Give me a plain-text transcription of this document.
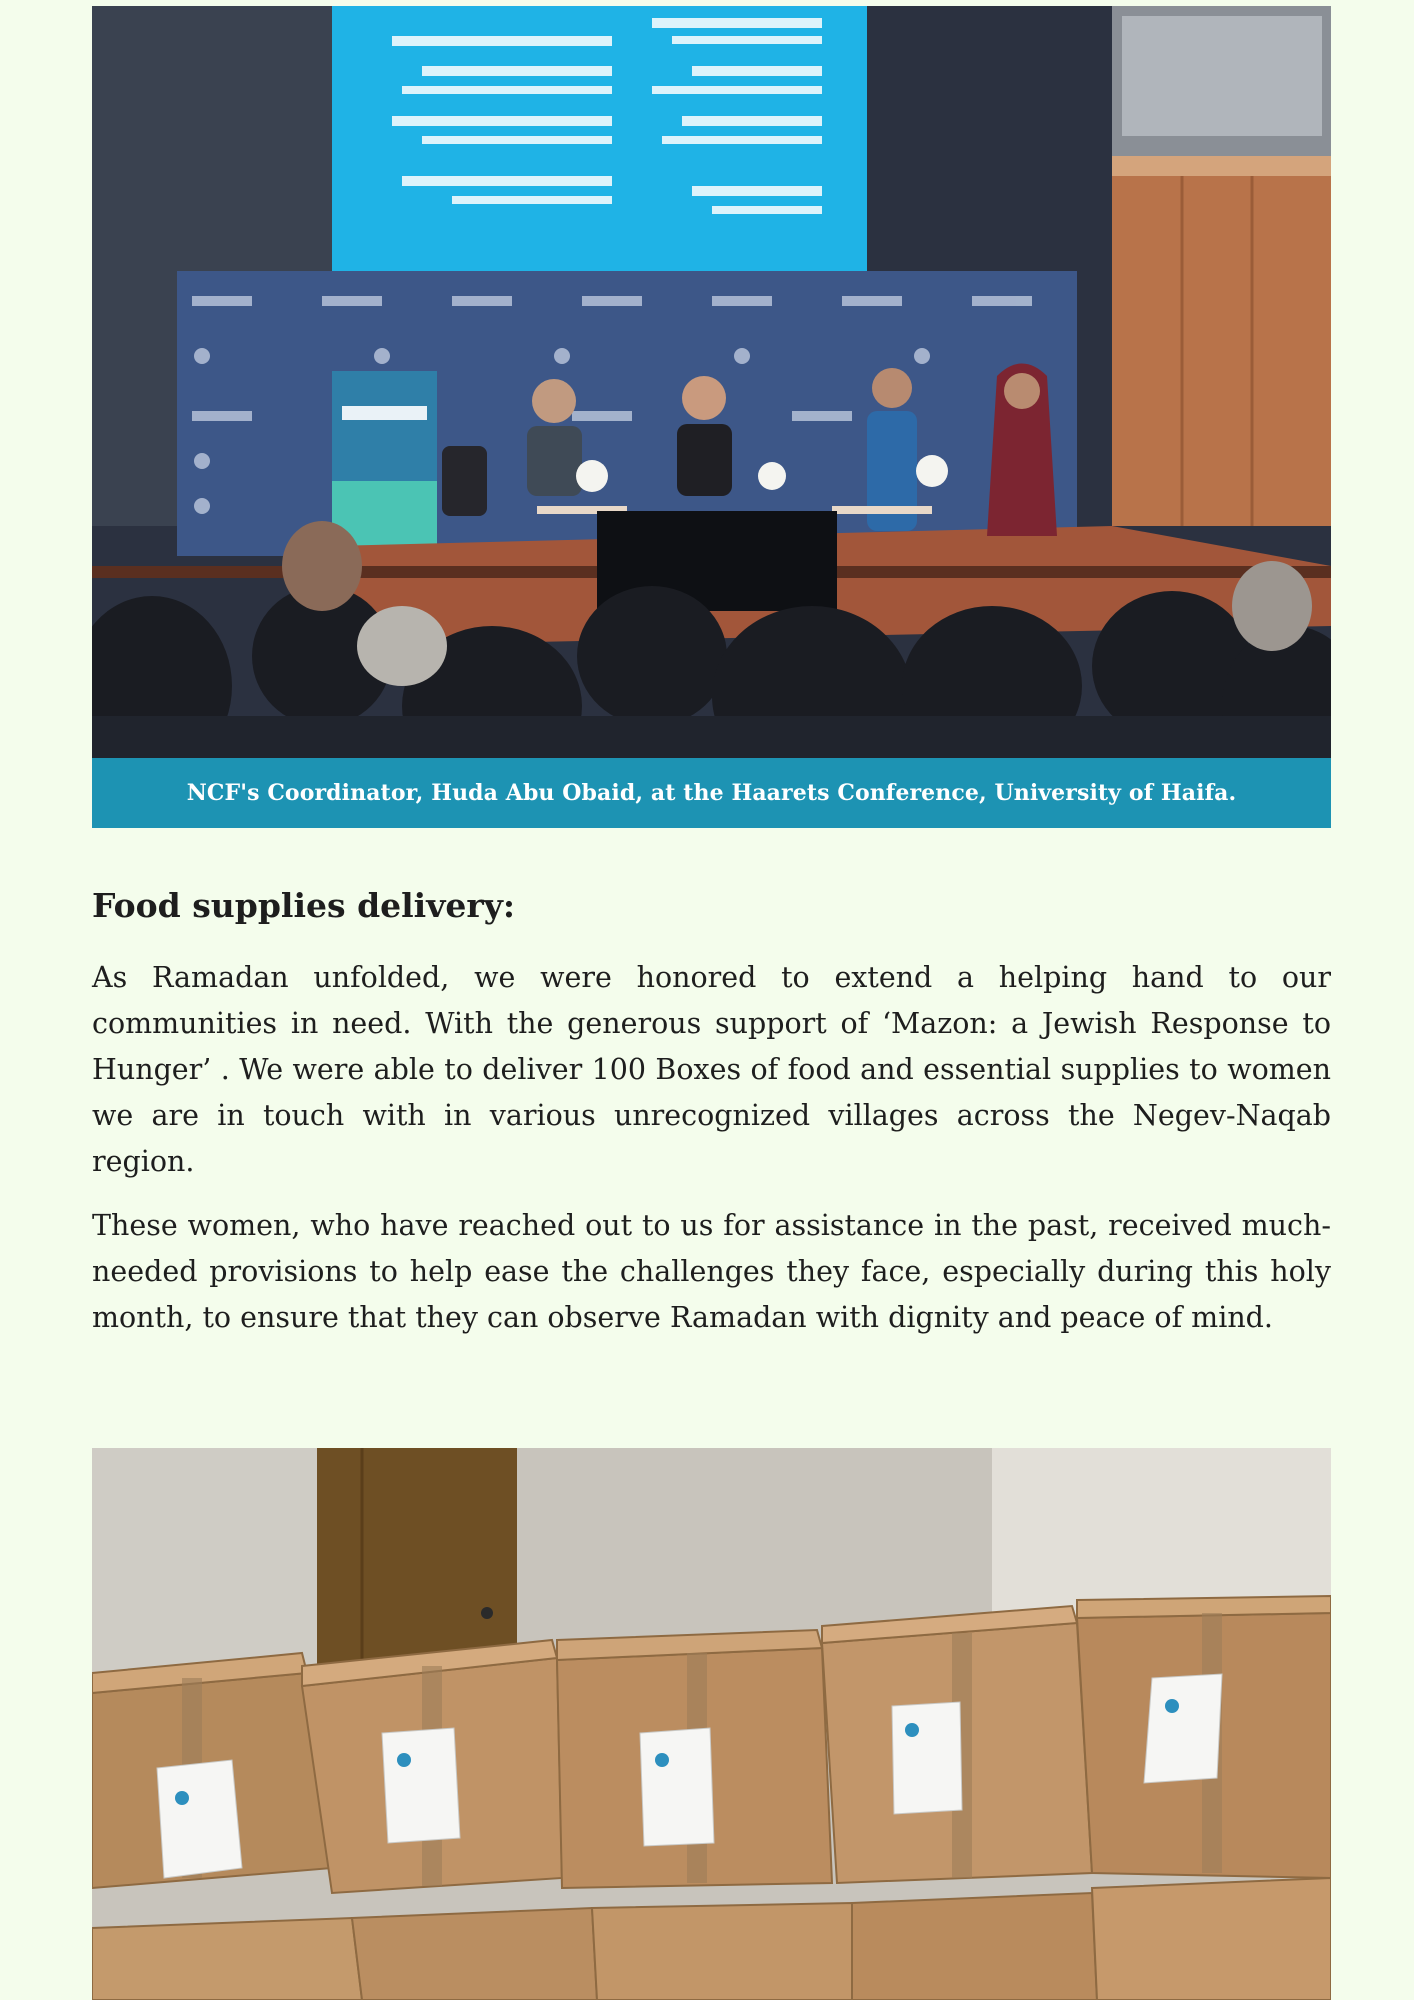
NCF's Coordinator, Huda Abu Obaid, at the Haarets Conference, University of Haifa.
Food supplies delivery:

As Ramadan unfolded, we were honored to extend a helping hand to our communities in need. With the generous support of ‘Mazon: a Jewish Response to Hunger’ . We were able to deliver 100 Boxes of food and essential supplies to women we are in touch with in various unrecognized villages across the Negev-Naqab region.

These women, who have reached out to us for assistance in the past, received much-needed provisions to help ease the challenges they face, especially during this holy month, to ensure that they can observe Ramadan with dignity and peace of mind.
